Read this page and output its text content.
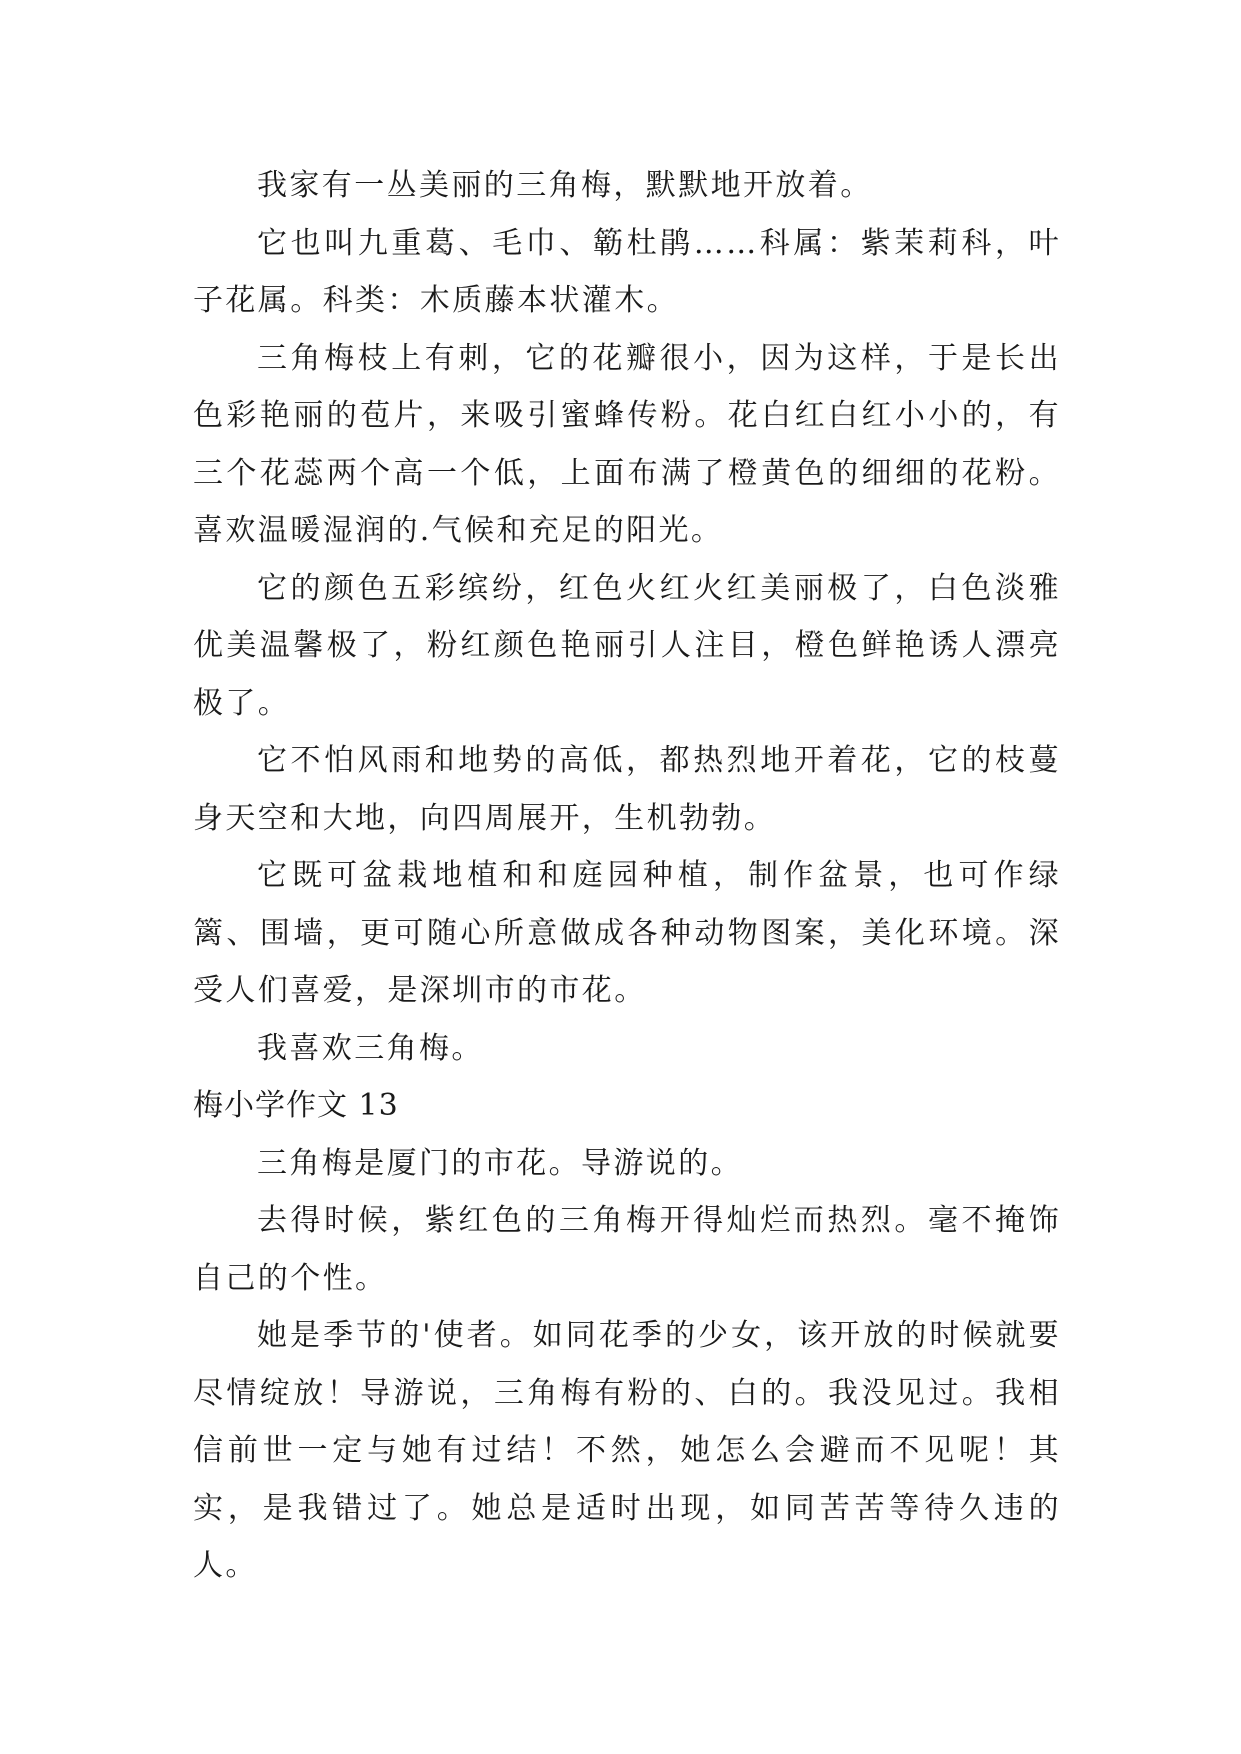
我家有一丛美丽的三角梅，默默地开放着。

它也叫九重葛、毛巾、簕杜鹃……科属：紫茉莉科，叶子花属。科类：木质藤本状灌木。

三角梅枝上有刺，它的花瓣很小，因为这样，于是长出色彩艳丽的苞片，来吸引蜜蜂传粉。花白红白红小小的，有三个花蕊两个高一个低，上面布满了橙黄色的细细的花粉。喜欢温暖湿润的.气候和充足的阳光。

它的颜色五彩缤纷，红色火红火红美丽极了，白色淡雅优美温馨极了，粉红颜色艳丽引人注目，橙色鲜艳诱人漂亮极了。

它不怕风雨和地势的高低，都热烈地开着花，它的枝蔓身天空和大地，向四周展开，生机勃勃。

它既可盆栽地植和和庭园种植，制作盆景，也可作绿篱、围墙，更可随心所意做成各种动物图案，美化环境。深受人们喜爱，是深圳市的市花。

我喜欢三角梅。

梅小学作文 13

三角梅是厦门的市花。导游说的。

去得时候，紫红色的三角梅开得灿烂而热烈。毫不掩饰自己的个性。

她是季节的'使者。如同花季的少女，该开放的时候就要尽情绽放！导游说，三角梅有粉的、白的。我没见过。我相信前世一定与她有过结！不然，她怎么会避而不见呢！其实，是我错过了。她总是适时出现，如同苦苦等待久违的人。
